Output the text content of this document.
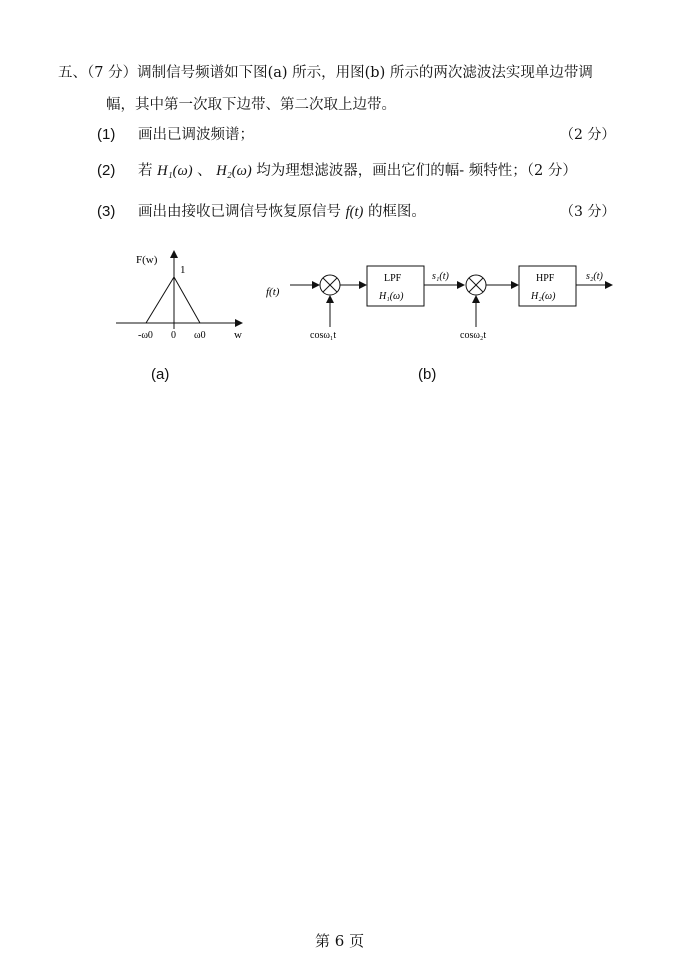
五、（7 分）调制信号频谱如下图(a) 所示，用图(b) 所示的两次滤波法实现单边带调
幅，其中第一次取下边带、第二次取上边带。
(1) 画出已调波频谱；	（2 分）
(2) 若 H₁(ω) 、 H₂(ω) 均为理想滤波器，画出它们的幅- 频特性；（2 分）
(3) 画出由接收已调信号恢复原信号 f(t) 的框图。	（3 分）
F(w)
1
-ω0 0 ω0	w
(a)
f(t)
cosω₁t
LPF
H₁(ω)
s₁(t)
cosω₂t
HPF
H₂(ω)
s₂(t)
(b)
第 6 页
